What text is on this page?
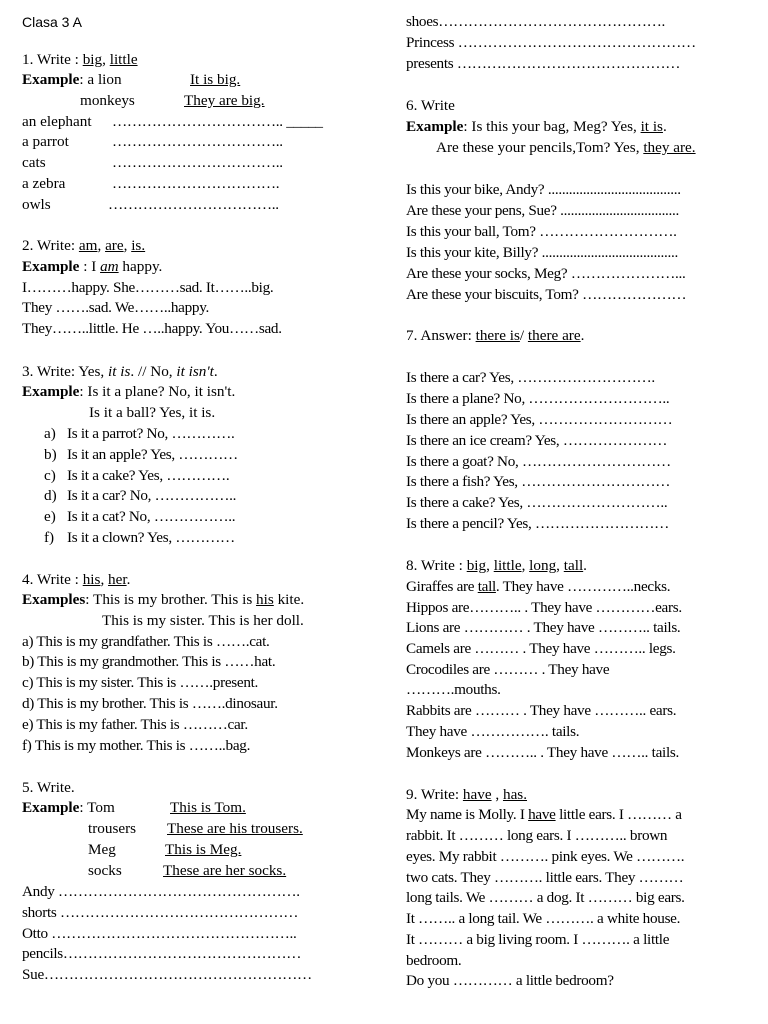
Clasa 3 A
1. Write : big, little
Example: a lion	It is big.
monkeys	They are big.
an elephant …………………………….. _____
a parrot	……………………………..
cats	……………………………..
a zebra	…………………………….
owls	……………………………..
2. Write: am, are, is.
Example : I am happy.
I………happy. She………sad. It……..big.
They …….sad. We……..happy.
They……..little. He …..happy. You……sad.
3. Write: Yes, it is. // No, it isn't.
Example: Is it a plane? No, it isn't.
Is it a ball? Yes, it is.
a) Is it a parrot? No, ………….
b) Is it an apple? Yes, …………
c) Is it a cake? Yes, ………….
d) Is it a car? No, ……………..
e) Is it a cat? No, ……………..
f) Is it a clown? Yes, …………
4. Write : his, her.
Examples: This is my brother. This is his kite.
This is my sister. This is her doll.
a) This is my grandfather. This is …….cat.
b) This is my grandmother. This is ……hat.
c) This is my sister. This is …….present.
d) This is my brother. This is …….dinosaur.
e) This is my father. This is ………car.
f) This is my mother. This is ……..bag.
5. Write.
Example: Tom	This is Tom.
trousers These are his trousers.
Meg	This is Meg.
socks	These are her socks.
Andy ………………………………………….
shorts …………………………………………
Otto …………………………………………..
pencils…………………………………………
Sue………………………………………………
shoes……………………………………….
Princess …………………………………………
presents ………………………………………
6. Write
Example: Is this your bag, Meg? Yes, it is.
Are these your pencils,Tom? Yes, they are.
Is this your bike, Andy? ......................................
Are these your pens, Sue? ..................................
Is this your ball, Tom? ……………………….
Is this your kite, Billy? .......................................
Are these your socks, Meg? …………………...
Are these your biscuits, Tom? …………………
7. Answer: there is/ there are.
Is there a car? Yes, ……………………….
Is there a plane? No, ………………………..
Is there an apple? Yes, ………………………
Is there an ice cream? Yes, …………………
Is there a goat? No, …………………………
Is there a fish? Yes, …………………………
Is there a cake? Yes, ………………………..
Is there a pencil? Yes, ………………………
8. Write : big, little, long, tall.
Giraffes are tall. They have …………..necks.
Hippos are……….. . They have …………ears.
Lions are ………… . They have ……….. tails.
Camels are ……… . They have ……….. legs.
Crocodiles are ……… . They have
……….mouths.
Rabbits are ……… . They have ……….. ears.
They have ……………. tails.
Monkeys are ……….. . They have …….. tails.
9. Write: have , has.
My name is Molly. I have little ears. I ……… a
rabbit. It ……… long ears. I ……….. brown
eyes. My rabbit ………. pink eyes. We ……….
two cats. They ………. little ears. They ………
long tails. We ……… a dog. It ……… big ears.
It …….. a long tail. We ………. a white house.
It ……… a big living room. I ………. a little
bedroom.
Do you ………… a little bedroom?
